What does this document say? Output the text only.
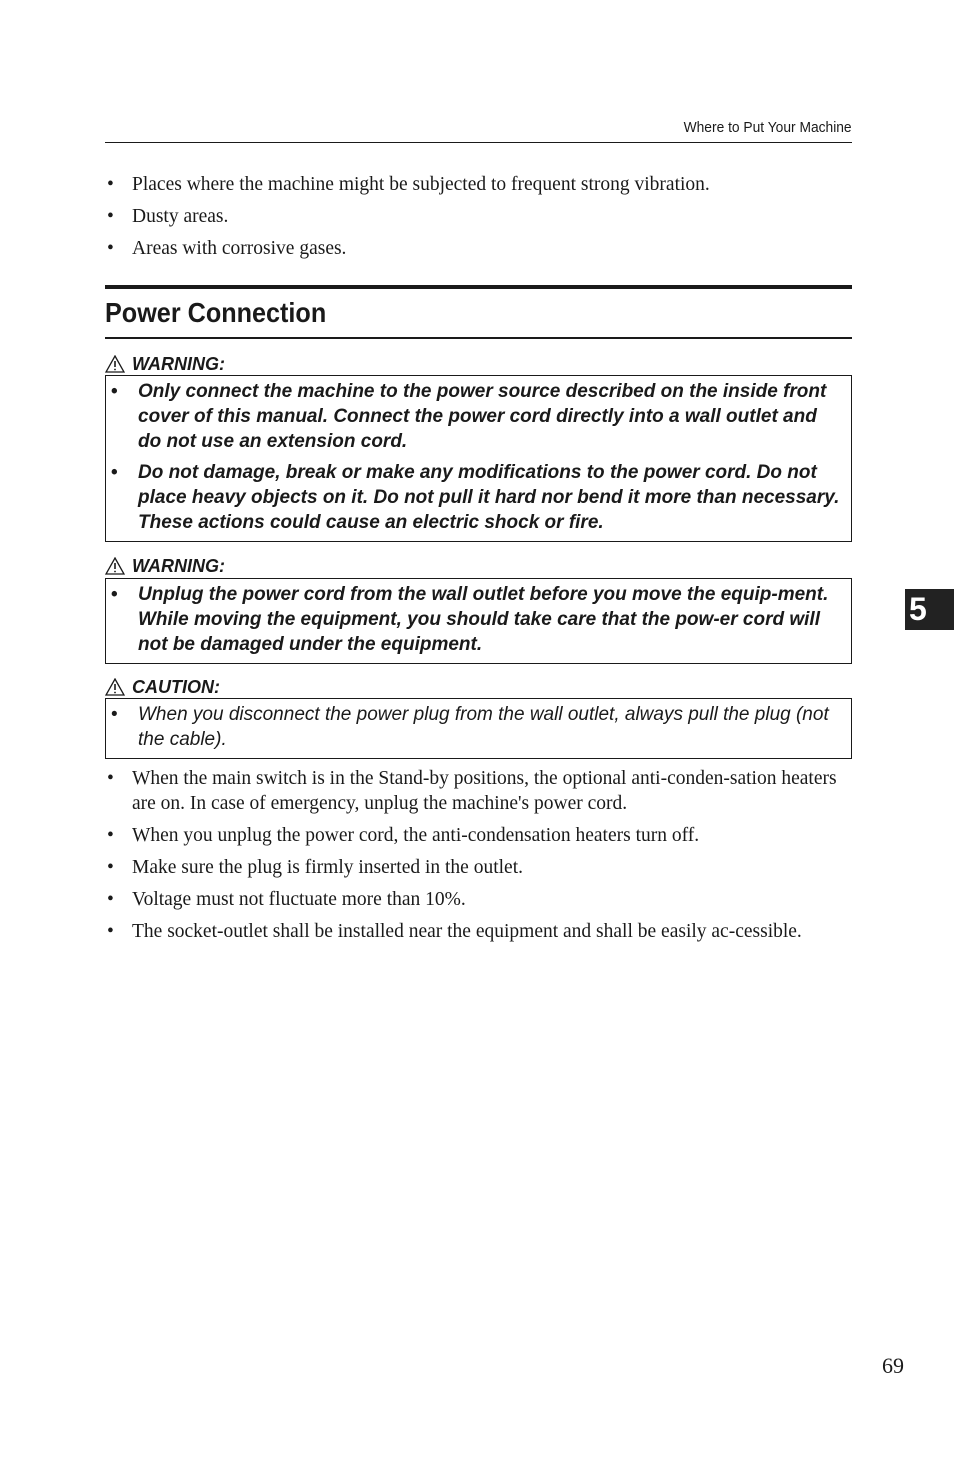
Where to Put Your Machine
• Places where the machine might be subjected to frequent strong vibration.
• Dusty areas.
• Areas with corrosive gases.
Power Connection
WARNING:
• Only connect the machine to the power source described on the inside front cover of this manual. Connect the power cord directly into a wall outlet and do not use an extension cord.
• Do not damage, break or make any modifications to the power cord. Do not place heavy objects on it. Do not pull it hard nor bend it more than necessary. These actions could cause an electric shock or fire.
WARNING:
• Unplug the power cord from the wall outlet before you move the equip-ment. While moving the equipment, you should take care that the pow-er cord will not be damaged under the equipment.
CAUTION:
• When you disconnect the power plug from the wall outlet, always pull the plug (not the cable).
• When the main switch is in the Stand-by positions, the optional anti-conden-sation heaters are on. In case of emergency, unplug the machine's power cord.
• When you unplug the power cord, the anti-condensation heaters turn off.
• Make sure the plug is firmly inserted in the outlet.
• Voltage must not fluctuate more than 10%.
• The socket-outlet shall be installed near the equipment and shall be easily ac-cessible.
5
69
